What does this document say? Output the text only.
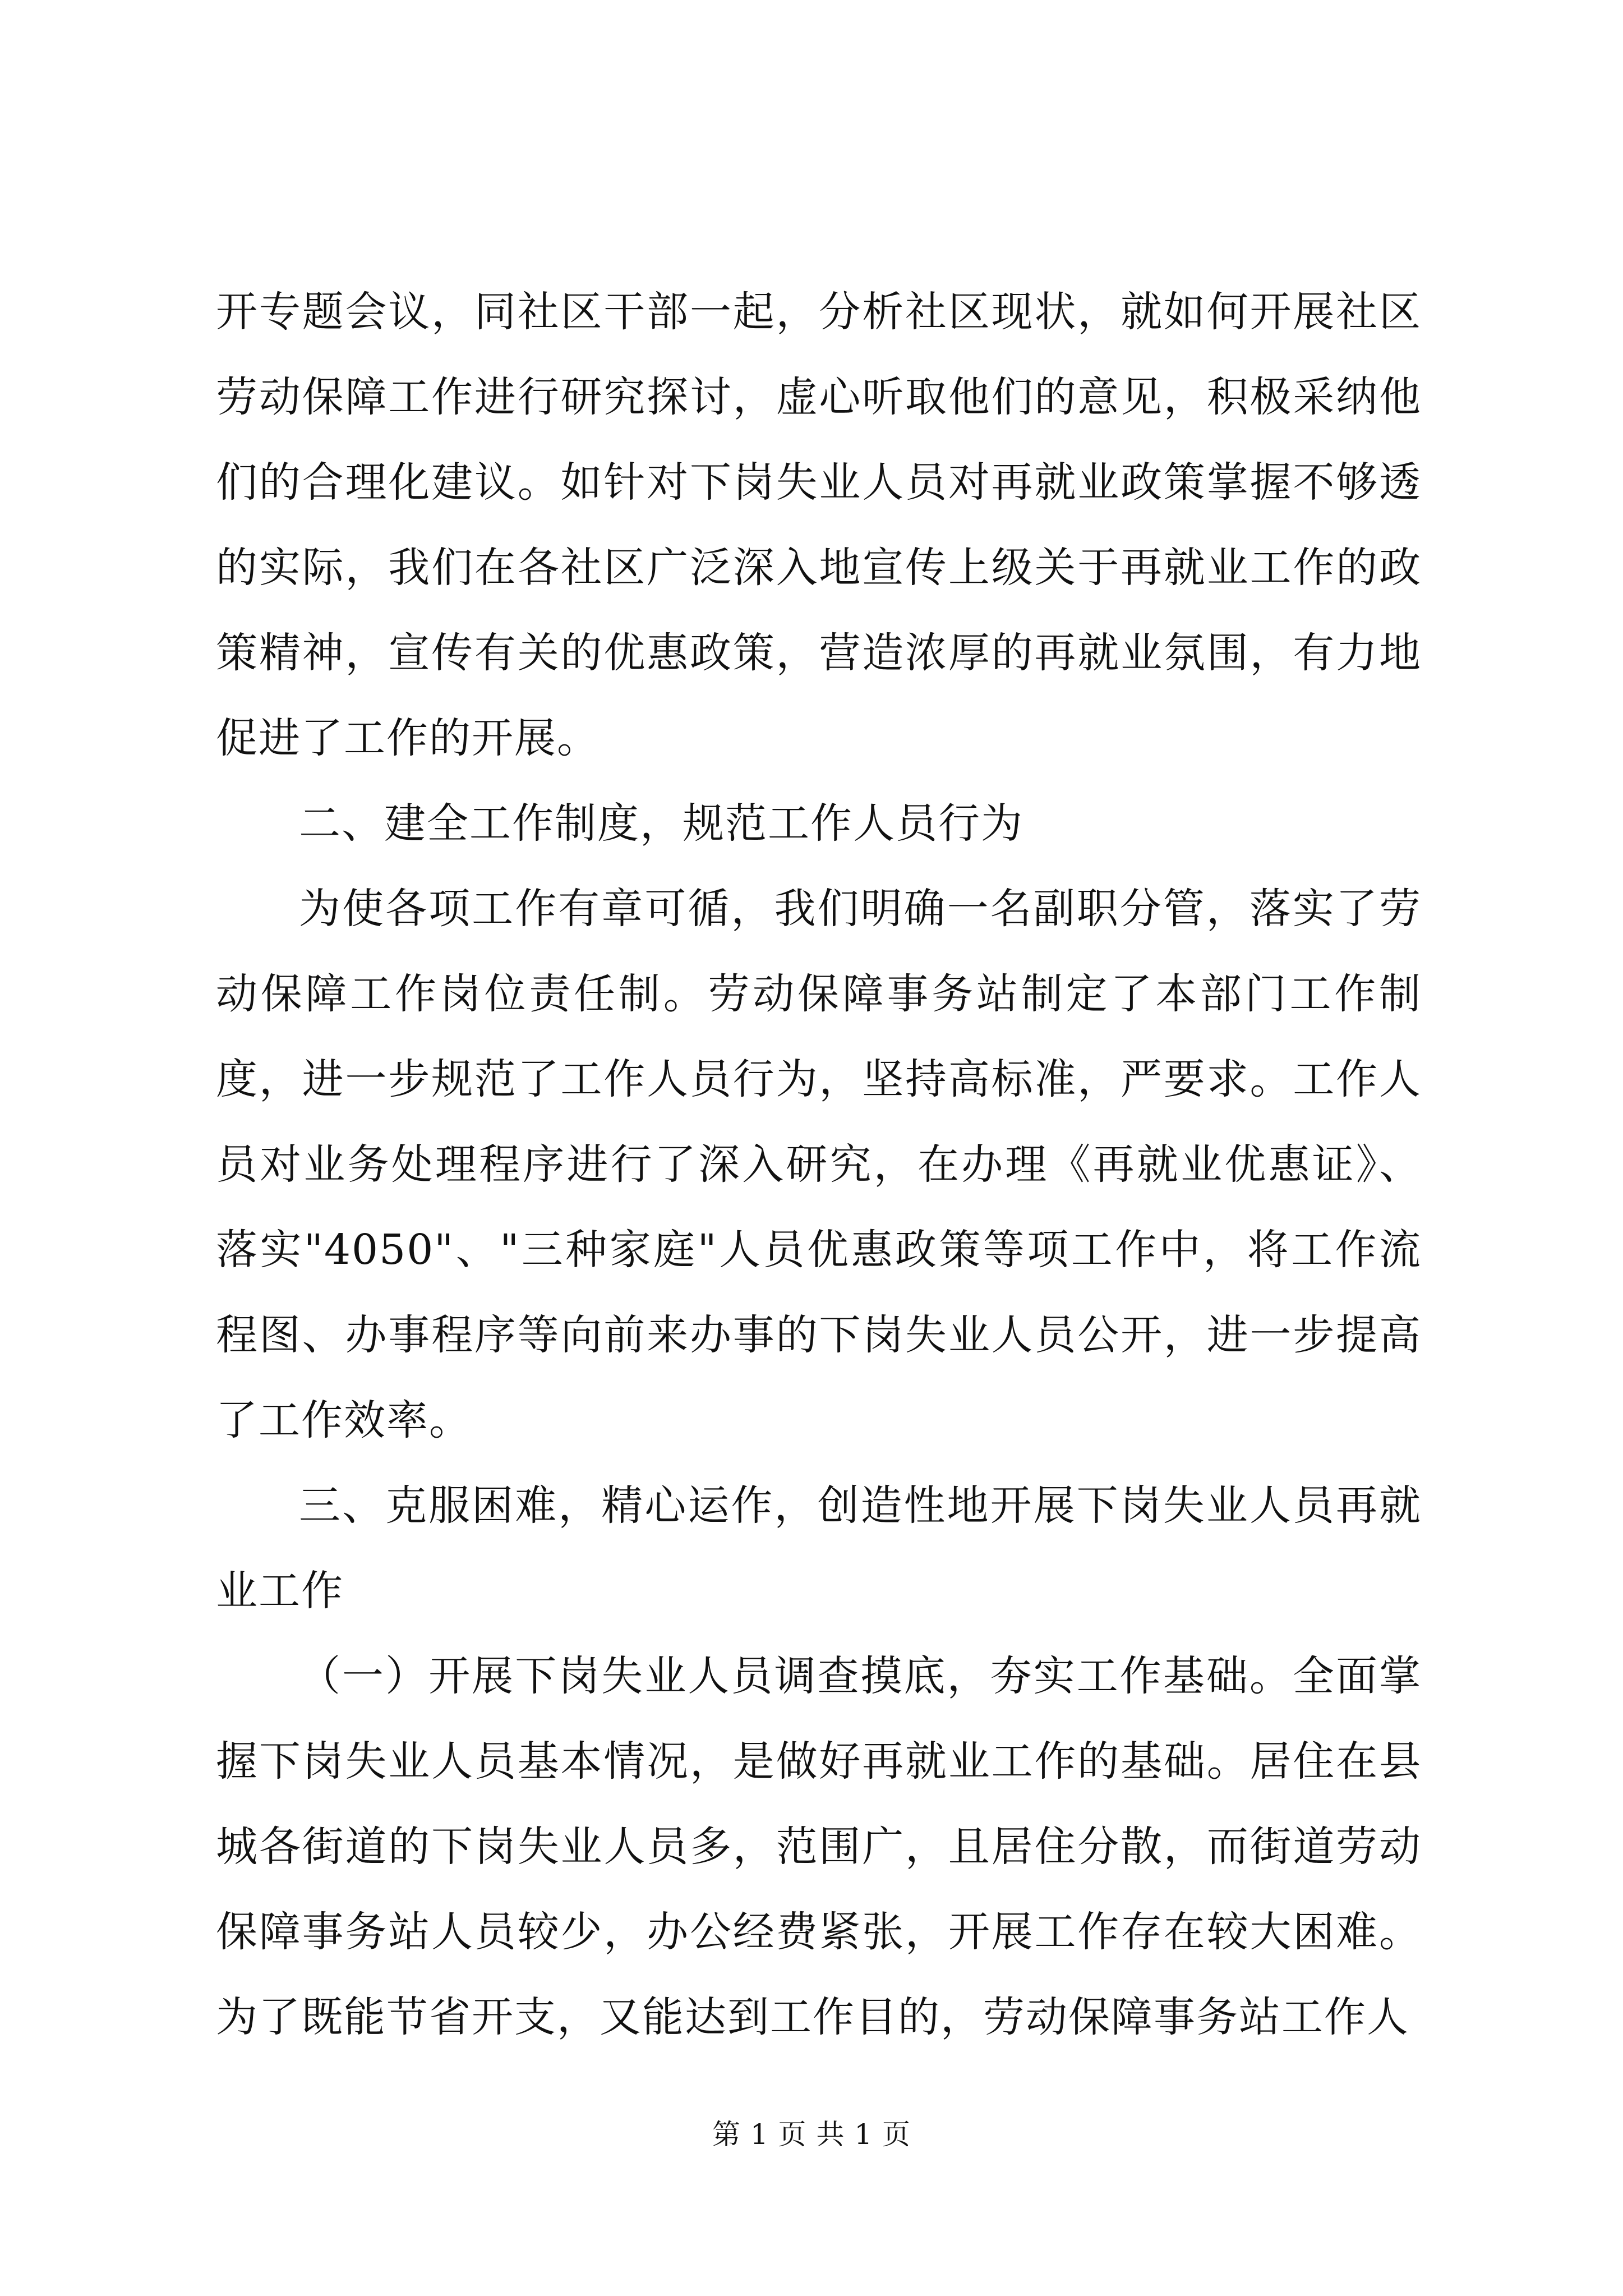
开专题会议，同社区干部一起，分析社区现状，就如何开展社区劳动保障工作进行研究探讨，虚心听取他们的意见，积极采纳他们的合理化建议。如针对下岗失业人员对再就业政策掌握不够透的实际，我们在各社区广泛深入地宣传上级关于再就业工作的政策精神，宣传有关的优惠政策，营造浓厚的再就业氛围，有力地促进了工作的开展。

二、建全工作制度，规范工作人员行为

为使各项工作有章可循，我们明确一名副职分管，落实了劳动保障工作岗位责任制。劳动保障事务站制定了本部门工作制度，进一步规范了工作人员行为，坚持高标准，严要求。工作人员对业务处理程序进行了深入研究，在办理《再就业优惠证》、落实"4050"、"三种家庭"人员优惠政策等项工作中，将工作流程图、办事程序等向前来办事的下岗失业人员公开，进一步提高了工作效率。

三、克服困难，精心运作，创造性地开展下岗失业人员再就业工作

（一）开展下岗失业人员调查摸底，夯实工作基础。全面掌握下岗失业人员基本情况，是做好再就业工作的基础。居住在县城各街道的下岗失业人员多，范围广，且居住分散，而街道劳动保障事务站人员较少，办公经费紧张，开展工作存在较大困难。为了既能节省开支，又能达到工作目的，劳动保障事务站工作人

第 1 页 共 1 页
